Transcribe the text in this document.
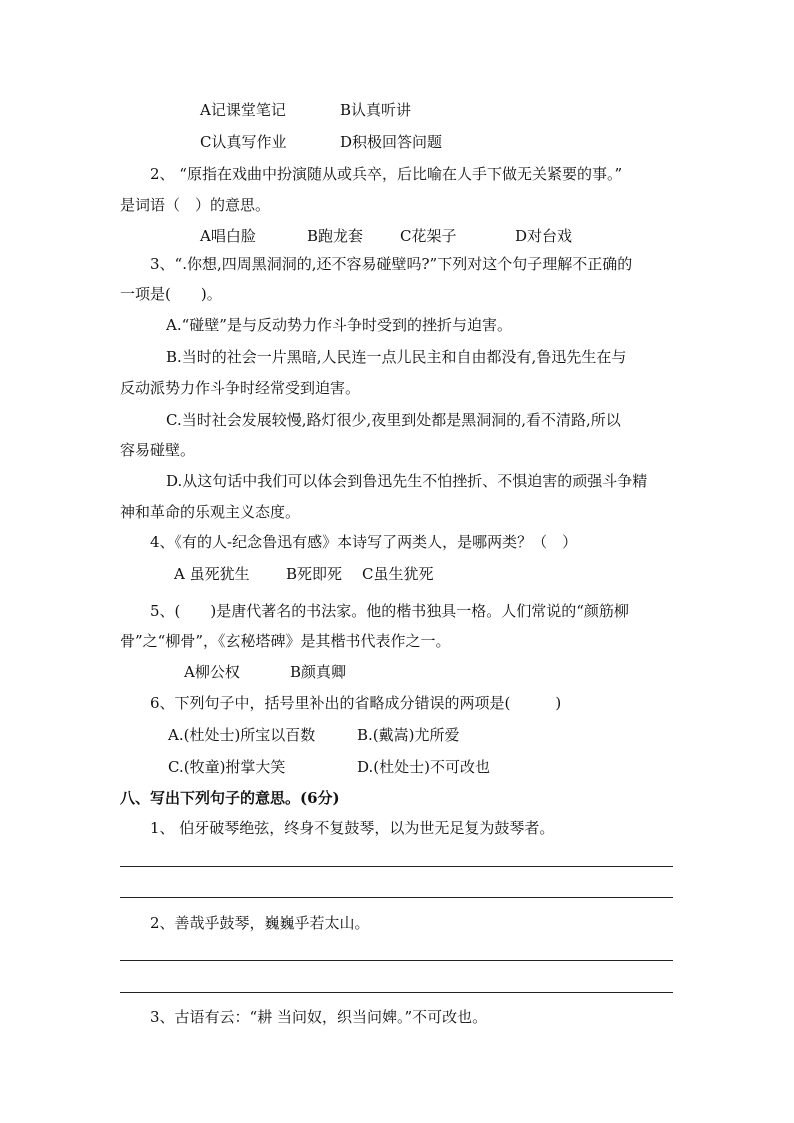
A记课堂笔记	B认真听讲
C认真写作业	D积极回答问题
2、 “原指在戏曲中扮演随从或兵卒，后比喻在人手下做无关紧要的事。”
是词语（　）的意思。
A唱白脸	B跑龙套 C花架子	D对台戏
3、“.你想,四周黑洞洞的,还不容易碰壁吗?”下列对这个句子理解不正确的
一项是(　　)。
A.“碰壁”是与反动势力作斗争时受到的挫折与迫害。
B.当时的社会一片黑暗,人民连一点儿民主和自由都没有,鲁迅先生在与
反动派势力作斗争时经常受到迫害。
C.当时社会发展较慢,路灯很少,夜里到处都是黑洞洞的,看不清路,所以
容易碰壁。
D.从这句话中我们可以体会到鲁迅先生不怕挫折、不惧迫害的顽强斗争精
神和革命的乐观主义态度。
4、《有的人-纪念鲁迅有感》本诗写了两类人，是哪两类？（　）
A 虽死犹生 B死即死 C虽生犹死
5、(　　)是唐代著名的书法家。他的楷书独具一格。人们常说的“颜筋柳
骨”之“柳骨”，《玄秘塔碑》是其楷书代表作之一。
A柳公权	B颜真卿
6、下列句子中，括号里补出的省略成分错误的两项是(　　　)
A.(杜处士)所宝以百数	B.(戴嵩)尤所爱
C.(牧童)拊掌大笑	D.(杜处士)不可改也
八、写出下列句子的意思。(6分)
1、 伯牙破琴绝弦，终身不复鼓琴，以为世无足复为鼓琴者。
2、善哉乎鼓琴，巍巍乎若太山。
3、古语有云：“耕 当问奴，织当问婢。”不可改也。
